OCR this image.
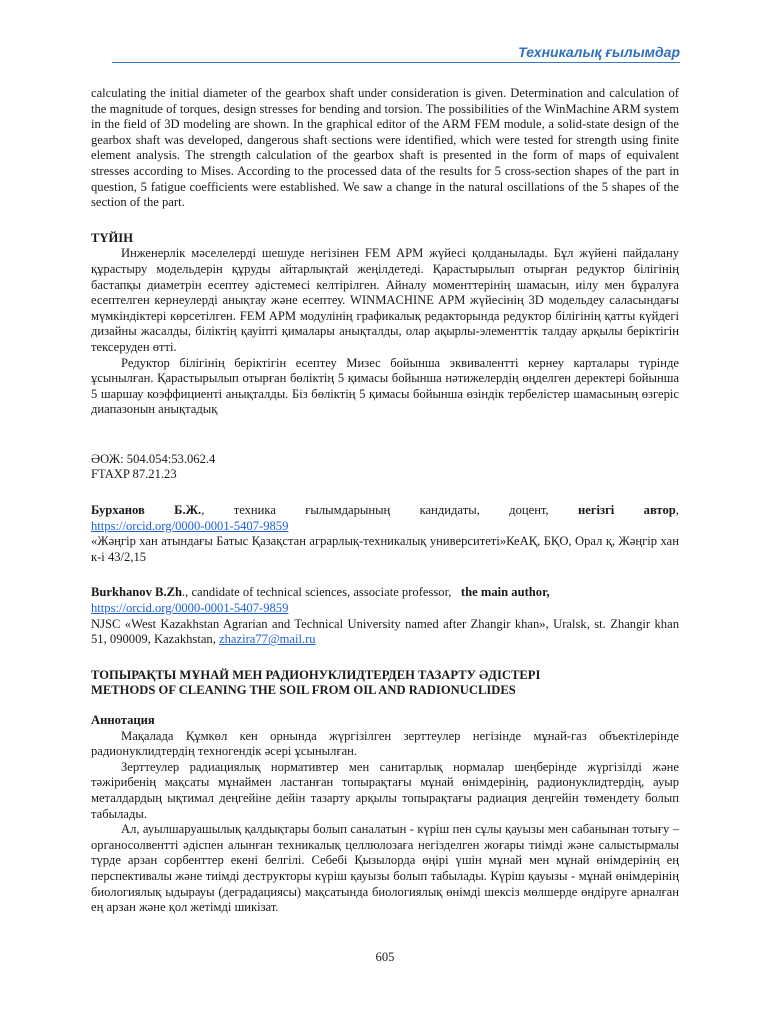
Техникалық ғылымдар

calculating the initial diameter of the gearbox shaft under consideration is given. Determination and calculation of the magnitude of torques, design stresses for bending and torsion. The possibilities of the WinMachine ARM system in the field of 3D modeling are shown. In the graphical editor of the ARM FEM module, a solid-state design of the gearbox shaft was developed, dangerous shaft sections were identified, which were tested for strength using finite element analysis. The strength calculation of the gearbox shaft is presented in the form of maps of equivalent stresses according to Mises. According to the processed data of the results for 5 cross-section shapes of the part in question, 5 fatigue coefficients were established. We saw a change in the natural oscillations of the 5 shapes of the section of the part.

ТҮЙІН

Инженерлік мәселелерді шешуде негізінен FEM APM жүйесі қолданылады. Бұл жүйені пайдалану құрастыру модельдерін құруды айтарлықтай жеңілдетеді. Қарастырылып отырған редуктор білігінің бастапқы диаметрін есептеу әдістемесі келтірілген. Айналу моменттерінің шамасын, иілу мен бұралуға есептелген кернеулерді анықтау және есептеу. WINMACHINE APM жүйесінің 3D модельдеу саласындағы мүмкіндіктері көрсетілген. FEM APM модулінің графикалық редакторында редуктор білігінің қатты күйдегі дизайны жасалды, біліктің қауіпті қималары анықталды, олар ақырлы-элементтік талдау арқылы беріктігін тексеруден өтті.

Редуктор білігінің беріктігін есептеу Мизес бойынша эквивалентті кернеу карталары түрінде ұсынылған. Қарастырылып отырған бөліктің 5 қимасы бойынша нәтижелердің өңделген деректері бойынша 5 шаршау коэффициенті анықталды. Біз бөліктің 5 қимасы бойынша өзіндік тербелістер шамасының өзгеріс диапазонын анықтадық

ӘОЖ: 504.054:53.062.4

FTAXP 87.21.23

Бурханов Б.Ж., техника ғылымдарының кандидаты, доцент, негізгі автор,

https://orcid.org/0000-0001-5407-9859

«Жәңгір хан атындағы Батыс Қазақстан аграрлық-техникалық университеті»КеАҚ, БҚО, Орал қ, Жәңгір хан к-і 43/2,15

Burkhanov B.Zh., candidate of technical sciences, associate professor, the main author,

https://orcid.org/0000-0001-5407-9859

NJSC «West Kazakhstan Agrarian and Technical University named after Zhangir khan», Uralsk, st. Zhangir khan 51, 090009, Kazakhstan, zhazira77@mail.ru

ТОПЫРАҚТЫ МҰНАЙ МЕН РАДИОНУКЛИДТЕРДЕН ТАЗАРТУ ӘДІСТЕРІ

METHODS OF CLEANING THE SOIL FROM OIL AND RADIONUCLIDES

Аннотация

Мақалада Құмкөл кен орнында жүргізілген зерттеулер негізінде мұнай-газ объектілерінде радионуклидтердің техногендік әсері ұсынылған.

Зерттеулер радиациялық нормативтер мен санитарлық нормалар шеңберінде жүргізілді және тәжірибенің мақсаты мұнаймен ластанған топырақтағы мұнай өнімдерінің, радионуклидтердің, ауыр металдардың ықтимал деңгейіне дейін тазарту арқылы топырақтағы радиация деңгейін төмендету болып табылады.

Ал, ауылшаруашылық қалдықтары болып саналатын - күріш пен сұлы қауызы мен сабанынан тотығу – органосолвентті әдіспен алынған техникалық целлюлозаға негізделген жоғары тиімді және салыстырмалы түрде арзан сорбенттер екені белгілі. Себебі Қызылорда өңірі үшін мұнай мен мұнай өнімдерінің ең перспективалы және тиімді деструкторы күріш қауызы болып табылады. Күріш қауызы - мұнай өнімдерінің биологиялық ыдырауы (деградациясы) мақсатында биологиялық өнімді шексіз мөлшерде өндіруге арналған ең арзан және қол жетімді шикізат.

605
